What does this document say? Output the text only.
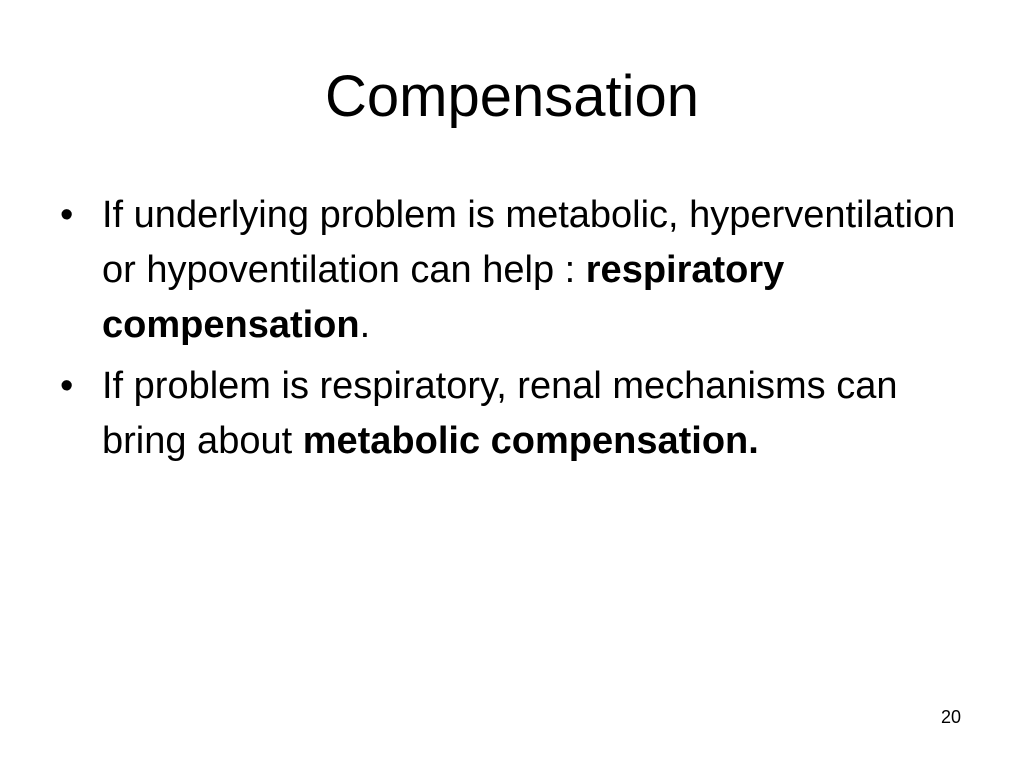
Compensation
• If underlying problem is metabolic, hyperventilation or hypoventilation can help : respiratory compensation.
• If problem is respiratory, renal mechanisms can bring about metabolic compensation.
20
